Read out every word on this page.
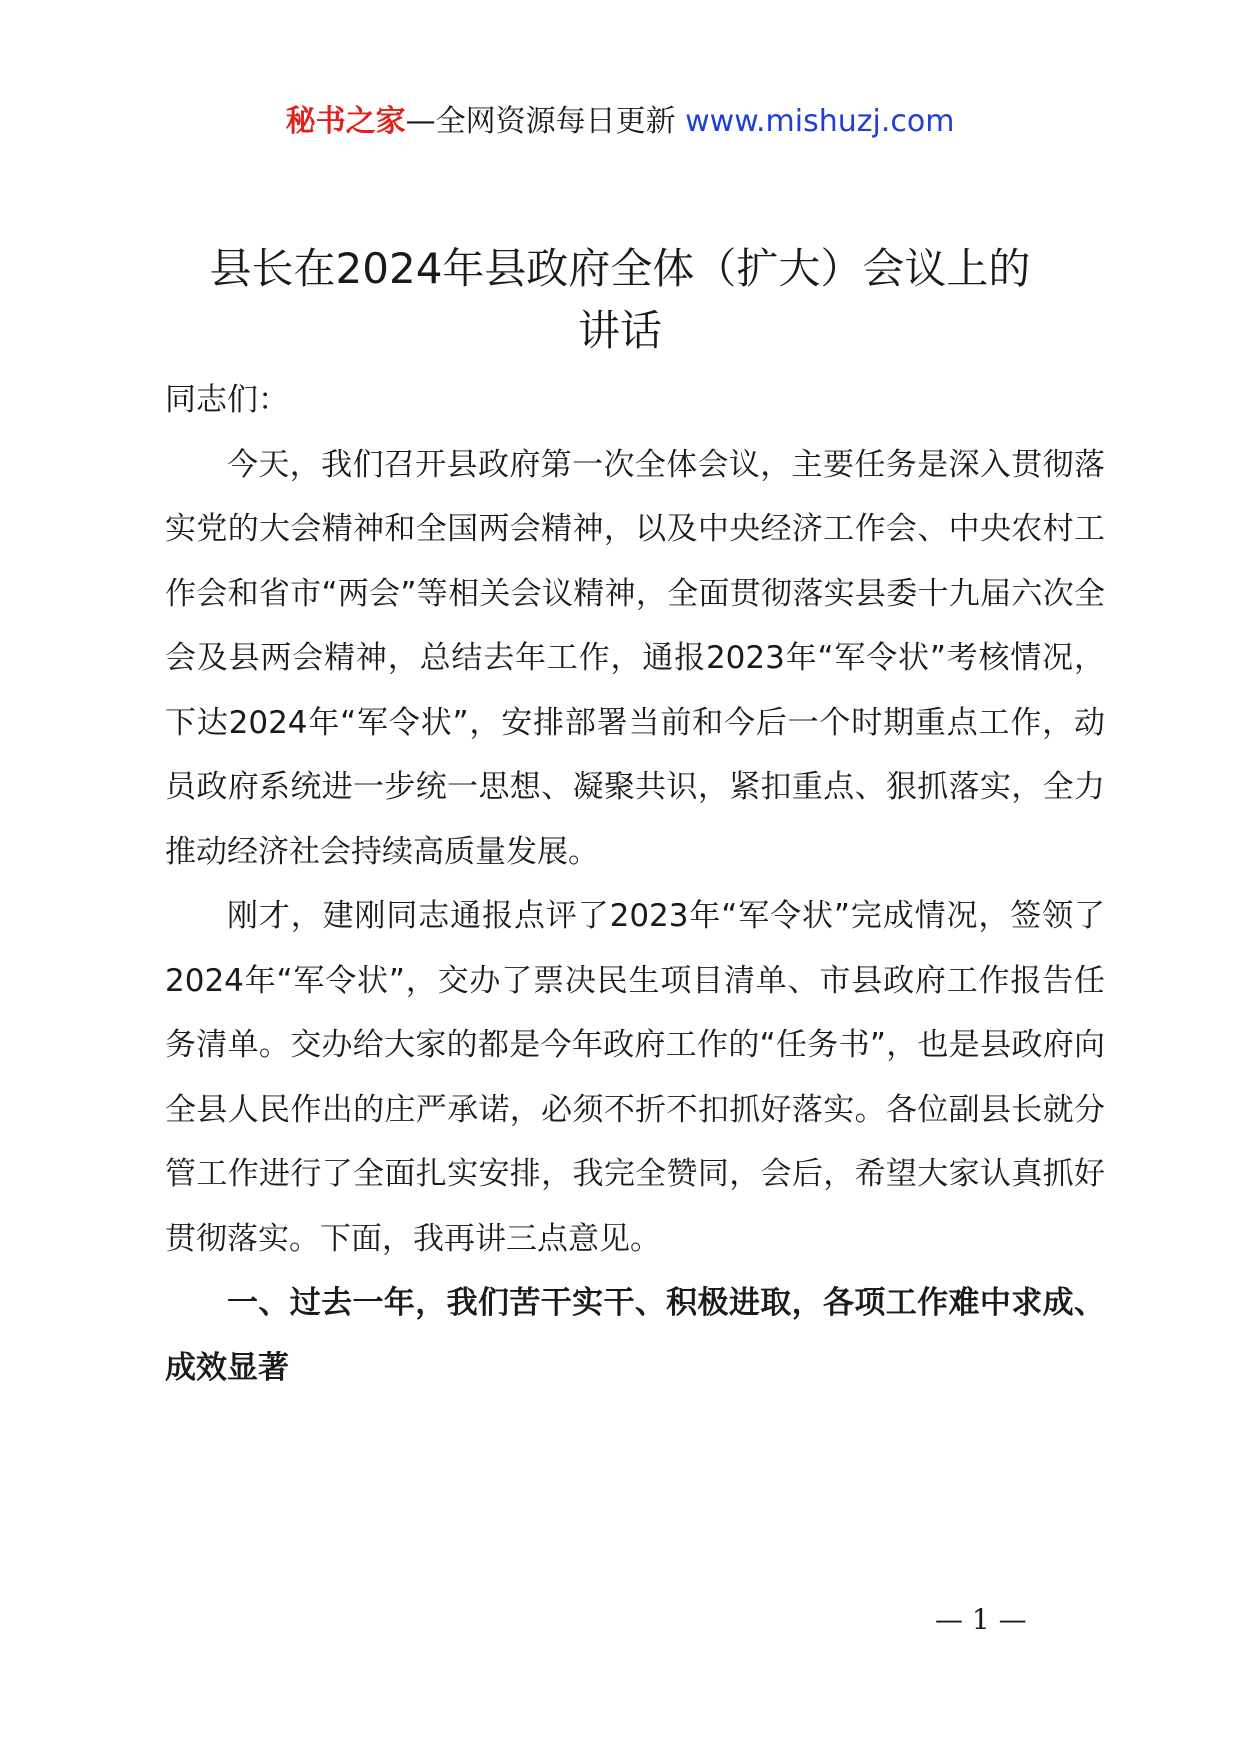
秘书之家—全网资源每日更新 www.mishuzj.com
县长在2024年县政府全体（扩大）会议上的
讲话

同志们：

今天，我们召开县政府第一次全体会议，主要任务是深入贯彻落实党的大会精神和全国两会精神，以及中央经济工作会、中央农村工作会和省市“两会”等相关会议精神，全面贯彻落实县委十九届六次全会及县两会精神，总结去年工作，通报2023年“军令状”考核情况，下达2024年“军令状”，安排部署当前和今后一个时期重点工作，动员政府系统进一步统一思想、凝聚共识，紧扣重点、狠抓落实，全力推动经济社会持续高质量发展。

刚才，建刚同志通报点评了2023年“军令状”完成情况，签领了2024年“军令状”，交办了票决民生项目清单、市县政府工作报告任务清单。交办给大家的都是今年政府工作的“任务书”，也是县政府向全县人民作出的庄严承诺，必须不折不扣抓好落实。各位副县长就分管工作进行了全面扎实安排，我完全赞同，会后，希望大家认真抓好贯彻落实。下面，我再讲三点意见。

一、过去一年，我们苦干实干、积极进取，各项工作难中求成、成效显著

— 1 —
